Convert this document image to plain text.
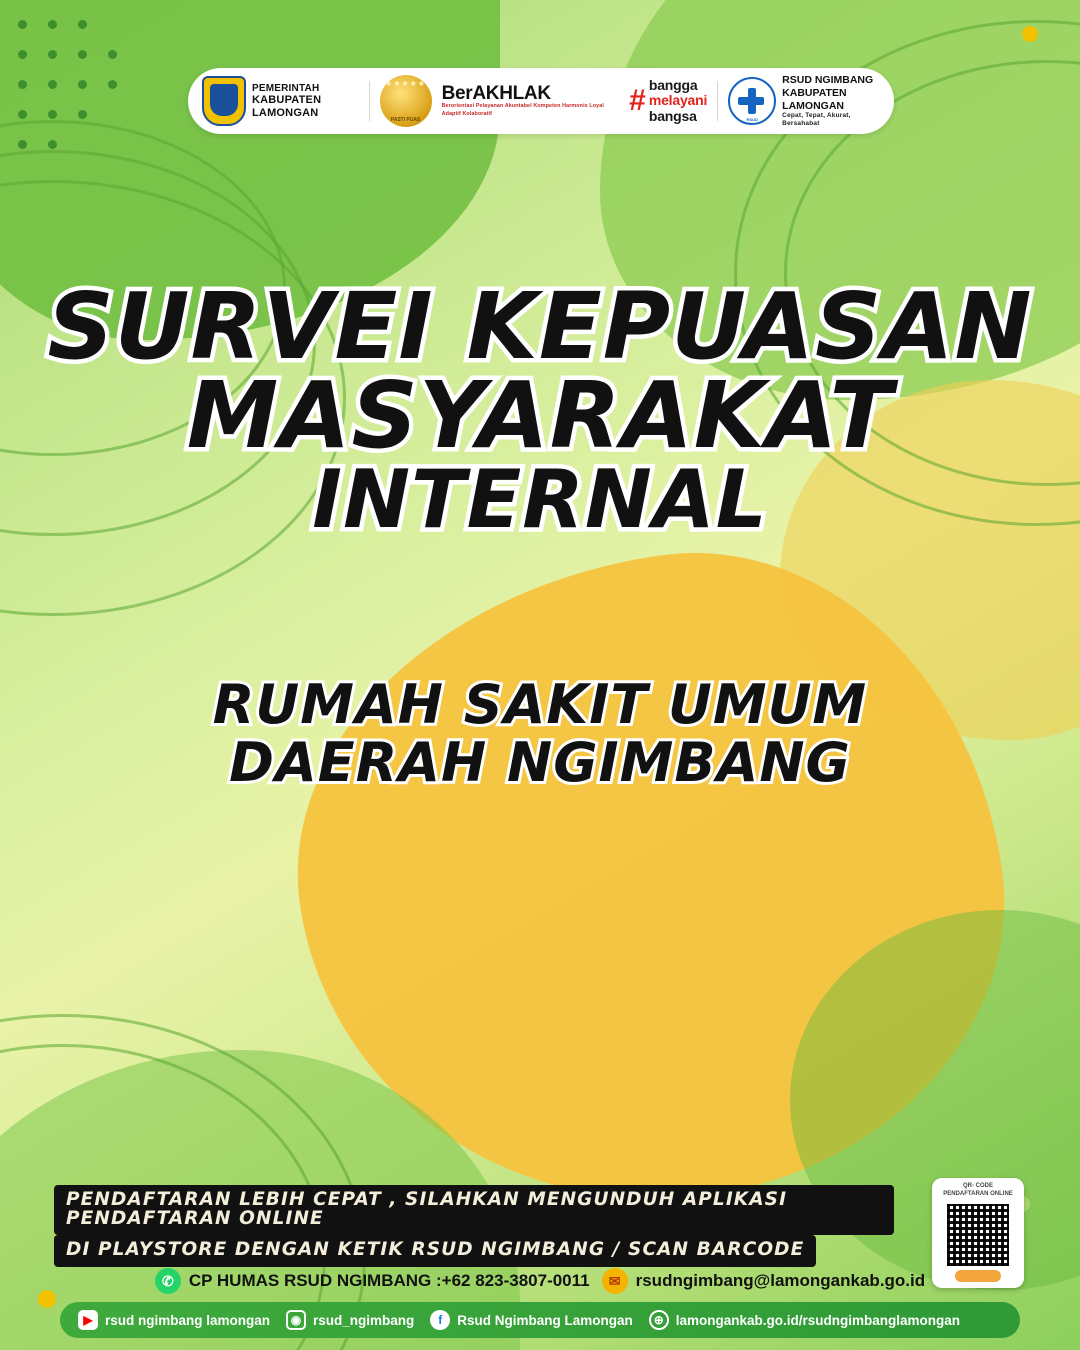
PEMERINTAH
KABUPATEN LAMONGAN
★★★★★
PASTI PUAS
BerAKHLAK
Berorientasi Pelayanan Akuntabel Kompeten Harmonis Loyal Adaptif Kolaboratif	# bangga
melayani
bangsa	RSUD
RSUD NGIMBANG
KABUPATEN LAMONGAN
Cepat, Tepat, Akurat, Bersahabat
SURVEI KEPUASAN
MASYARAKAT
INTERNAL
RUMAH SAKIT UMUM
DAERAH NGIMBANG
PENDAFTARAN LEBIH CEPAT , SILAHKAN MENGUNDUH APLIKASI PENDAFTARAN ONLINE
DI PLAYSTORE DENGAN KETIK RSUD NGIMBANG / SCAN BARCODE
QR- CODE
PENDAFTARAN ONLINE
✆ CP HUMAS RSUD NGIMBANG :+62 823-3807-0011	✉ rsudngimbang@lamongankab.go.id
▶ rsud ngimbang lamongan	◉ rsud_ngimbang	f	Rsud Ngimbang Lamongan	⊕ lamongankab.go.id/rsudngimbanglamongan
